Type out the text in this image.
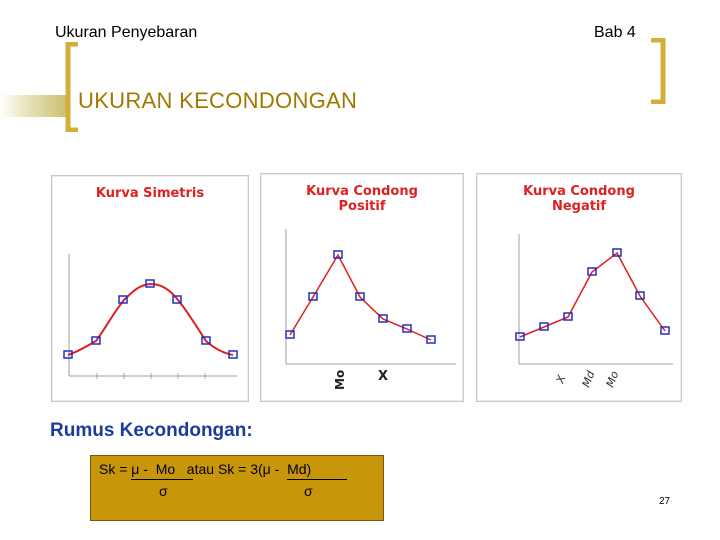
Ukuran Penyebaran	Bab 4
UKURAN KECONDONGAN
Kurva Simetris	Kurva Condong
Positif
Mo X
Kurva Condong
Negatif
X Md Mo
Rumus Kecondongan:
Sk = μ -  Mo   atau Sk = 3(μ -  Md)
σ	σ
27
